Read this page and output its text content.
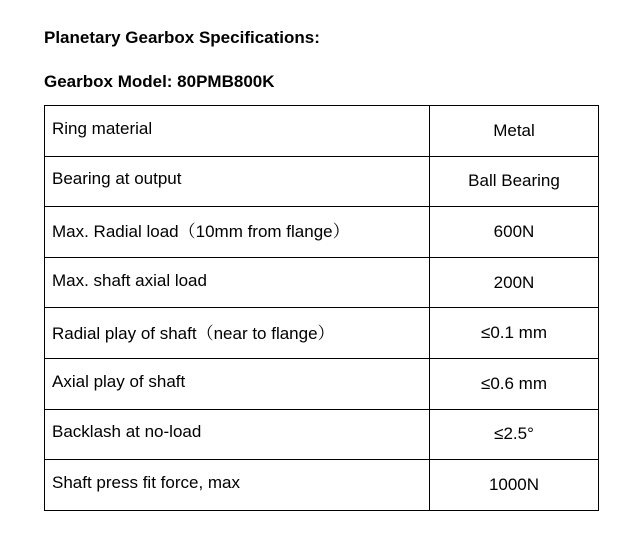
Planetary Gearbox Specifications:
Gearbox Model: 80PMB800K
Ring material	Metal
Bearing at output	Ball Bearing
Max. Radial load（10mm from flange）	600N
Max. shaft axial load	200N
Radial play of shaft（near to flange）	≤0.1 mm
Axial play of shaft	≤0.6 mm
Backlash at no-load	≤2.5°
Shaft press fit force, max	1000N
